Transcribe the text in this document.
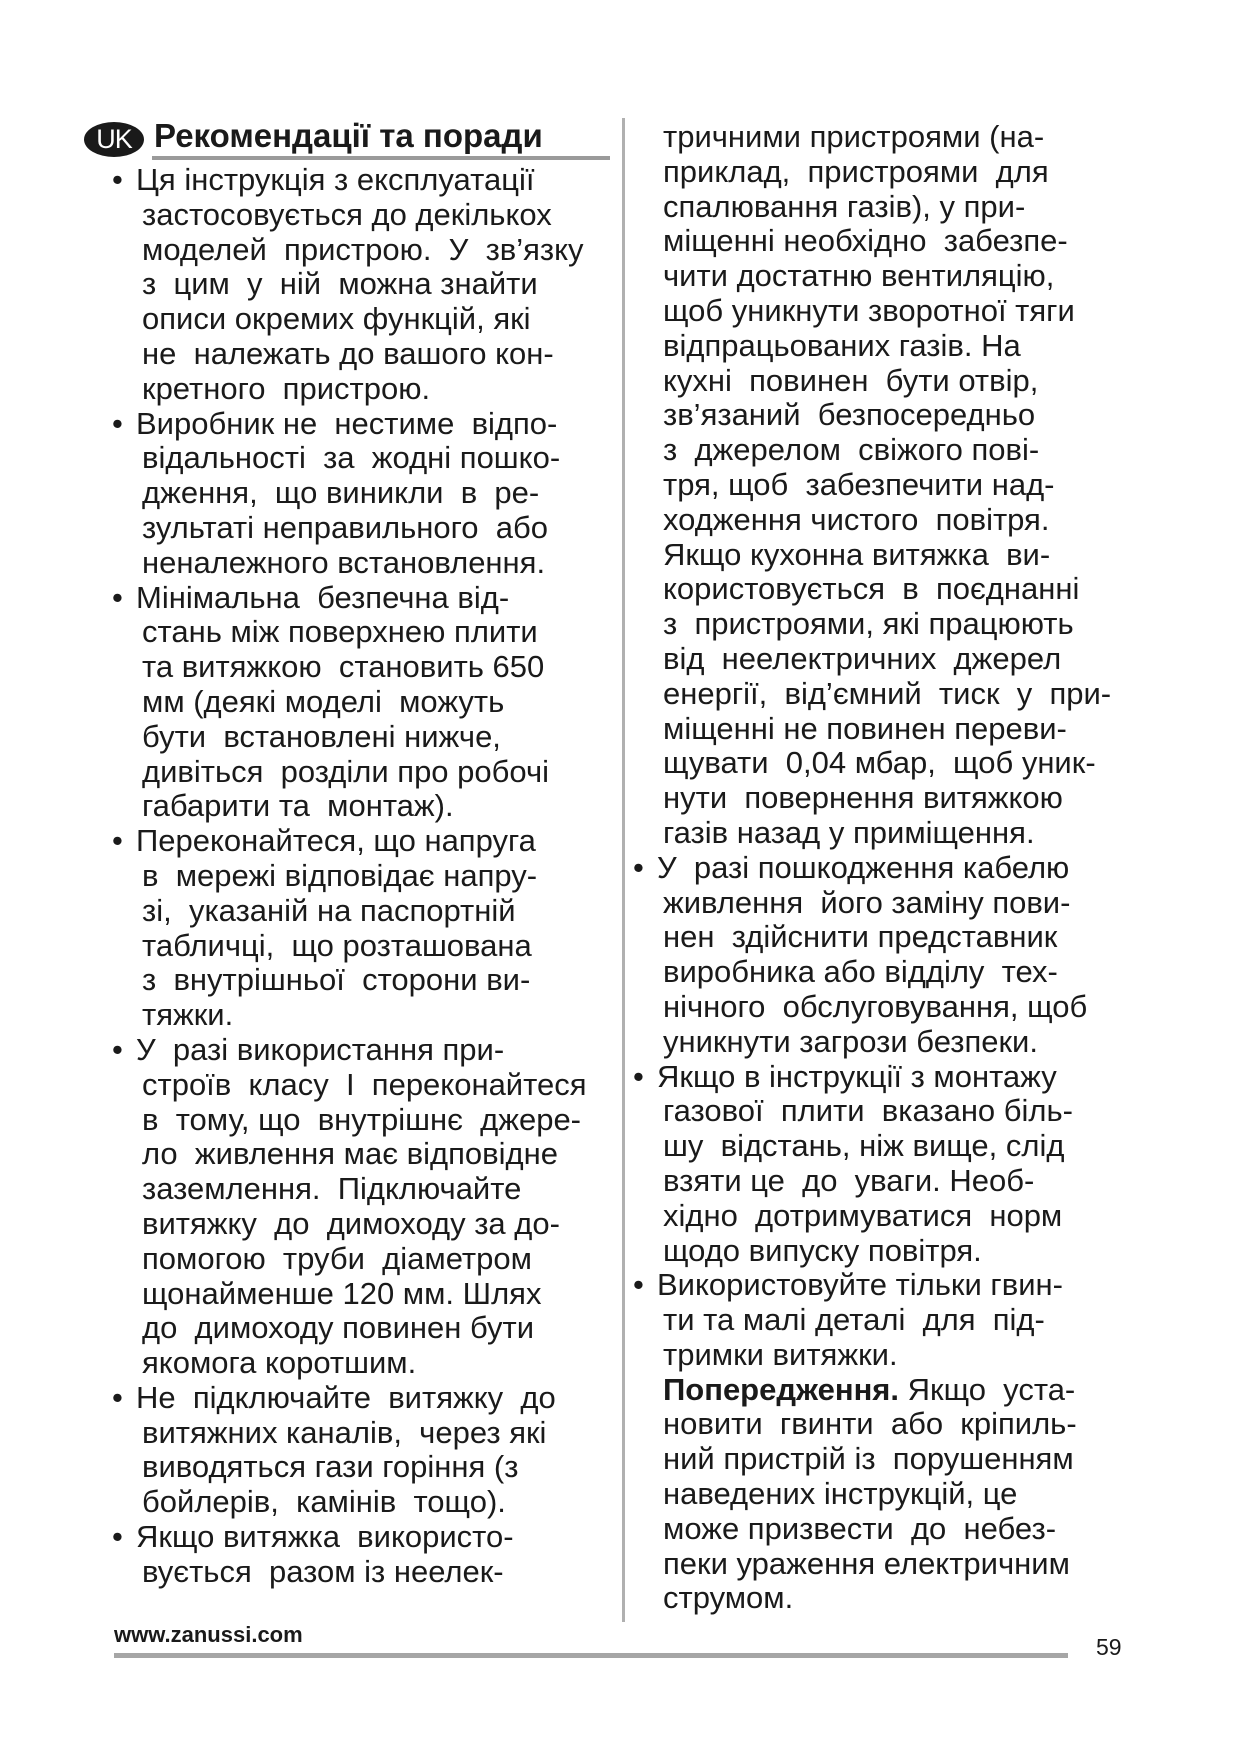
UK Рекомендації та поради
• Ця інструкція з експлуатації
застосовується до декількох
моделей  пристрою.  У  зв’язку
з  цим  у  ній  можна знайти
описи окремих функцій, які
не  належать до вашого кон-
кретного  пристрою.
• Виробник не  нестиме  відпо-
відальності  за  жодні пошко-
дження,  що виникли  в  ре-
зультаті неправильного  або
неналежного встановлення.
• Мінімальна  безпечна від-
стань між поверхнею плити
та витяжкою  становить 650
мм (деякі моделі  можуть
бути  встановлені нижче,
дивіться  розділи про робочі
габарити та  монтаж).
• Переконайтеся, що напруга
в  мережі відповідає напру-
зі,  указаній на паспортній
табличці,  що розташована
з  внутрішньої  сторони ви-
тяжки.
• У  разі використання при-
строїв  класу  I  переконайтеся
в  тому, що  внутрішнє  джере-
ло  живлення має відповідне
заземлення.  Підключайте
витяжку  до  димоходу за до-
помогою  труби  діаметром
щонайменше 120 мм. Шлях
до  димоходу повинен бути
якомога коротшим.
• Не  підключайте  витяжку  до
витяжних каналів,  через які
виводяться гази горіння (з
бойлерів,  камінів  тощо).
• Якщо витяжка  використо-
вується  разом із неелек-
тричними пристроями (на-
приклад,  пристроями  для
спалювання газів), у при-
міщенні необхідно  забезпе-
чити достатню вентиляцію,
щоб уникнути зворотної тяги
відпрацьованих газів. На
кухні  повинен  бути отвір,
зв’язаний  безпосередньо
з  джерелом  свіжого пові-
тря, щоб  забезпечити над-
ходження чистого  повітря.
Якщо кухонна витяжка  ви-
користовується  в  поєднанні
з  пристроями, які працюють
від  неелектричних  джерел
енергії,  від’ємний  тиск  у  при-
міщенні не повинен переви-
щувати  0,04 мбар,  щоб уник-
нути  повернення витяжкою
газів назад у приміщення.
• У  разі пошкодження кабелю
живлення  його заміну пови-
нен  здійснити представник
виробника або відділу  тех-
нічного  обслуговування, щоб
уникнути загрози безпеки.
• Якщо в інструкції з монтажу
газової  плити  вказано біль-
шу  відстань, ніж вище, слід
взяти це  до  уваги. Необ-
хідно  дотримуватися  норм
щодо випуску повітря.
• Використовуйте тільки гвин-
ти та малі деталі  для  під-
тримки витяжки.
Попередження. Якщо  уста-
новити  гвинти  або  кріпиль-
ний пристрій із  порушенням
наведених інструкцій, це
може призвести  до  небез-
пеки ураження електричним
струмом.
www.zanussi.com	59
